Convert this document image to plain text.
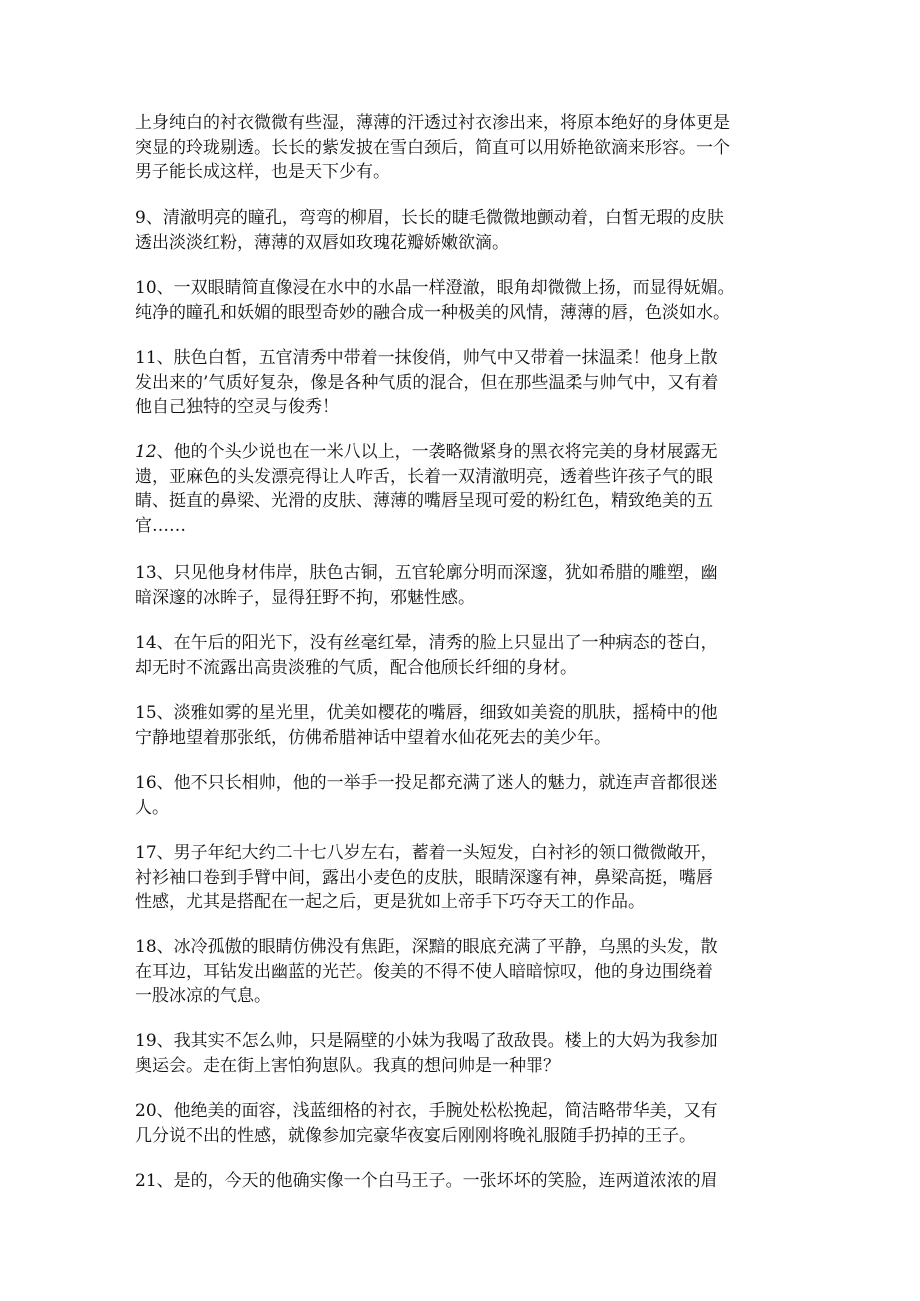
上身纯白的衬衣微微有些湿，薄薄的汗透过衬衣渗出来，将原本绝好的身体更是
突显的玲珑剔透。长长的紫发披在雪白颈后，简直可以用娇艳欲滴来形容。一个
男子能长成这样，也是天下少有。
9、清澈明亮的瞳孔，弯弯的柳眉，长长的睫毛微微地颤动着，白皙无瑕的皮肤
透出淡淡红粉，薄薄的双唇如玫瑰花瓣娇嫩欲滴。
10、一双眼睛简直像浸在水中的水晶一样澄澈，眼角却微微上扬，而显得妩媚。
纯净的瞳孔和妖媚的眼型奇妙的融合成一种极美的风情，薄薄的唇，色淡如水。
11、肤色白皙，五官清秀中带着一抹俊俏，帅气中又带着一抹温柔！他身上散
发出来的’气质好复杂，像是各种气质的混合，但在那些温柔与帅气中，又有着
他自己独特的空灵与俊秀！
12、他的个头少说也在一米八以上，一袭略微紧身的黑衣将完美的身材展露无
遗，亚麻色的头发漂亮得让人咋舌，长着一双清澈明亮，透着些许孩子气的眼
睛、挺直的鼻梁、光滑的皮肤、薄薄的嘴唇呈现可爱的粉红色，精致绝美的五
官……
13、只见他身材伟岸，肤色古铜，五官轮廓分明而深邃，犹如希腊的雕塑，幽
暗深邃的冰眸子，显得狂野不拘，邪魅性感。
14、在午后的阳光下，没有丝毫红晕，清秀的脸上只显出了一种病态的苍白，
却无时不流露出高贵淡雅的气质，配合他颀长纤细的身材。
15、淡雅如雾的星光里，优美如樱花的嘴唇，细致如美瓷的肌肤，摇椅中的他
宁静地望着那张纸，仿佛希腊神话中望着水仙花死去的美少年。
16、他不只长相帅，他的一举手一投足都充满了迷人的魅力，就连声音都很迷
人。
17、男子年纪大约二十七八岁左右，蓄着一头短发，白衬衫的领口微微敞开，
衬衫袖口卷到手臂中间，露出小麦色的皮肤，眼睛深邃有神，鼻梁高挺，嘴唇
性感，尤其是搭配在一起之后，更是犹如上帝手下巧夺天工的作品。
18、冰冷孤傲的眼睛仿佛没有焦距，深黯的眼底充满了平静，乌黑的头发，散
在耳边，耳钻发出幽蓝的光芒。俊美的不得不使人暗暗惊叹，他的身边围绕着
一股冰凉的气息。
19、我其实不怎么帅，只是隔壁的小妹为我喝了敌敌畏。楼上的大妈为我参加
奥运会。走在街上害怕狗崽队。我真的想问帅是一种罪？
20、他绝美的面容，浅蓝细格的衬衣，手腕处松松挽起，简洁略带华美，又有
几分说不出的性感，就像参加完豪华夜宴后刚刚将晚礼服随手扔掉的王子。
21、是的，今天的他确实像一个白马王子。一张坏坏的笑脸，连两道浓浓的眉
